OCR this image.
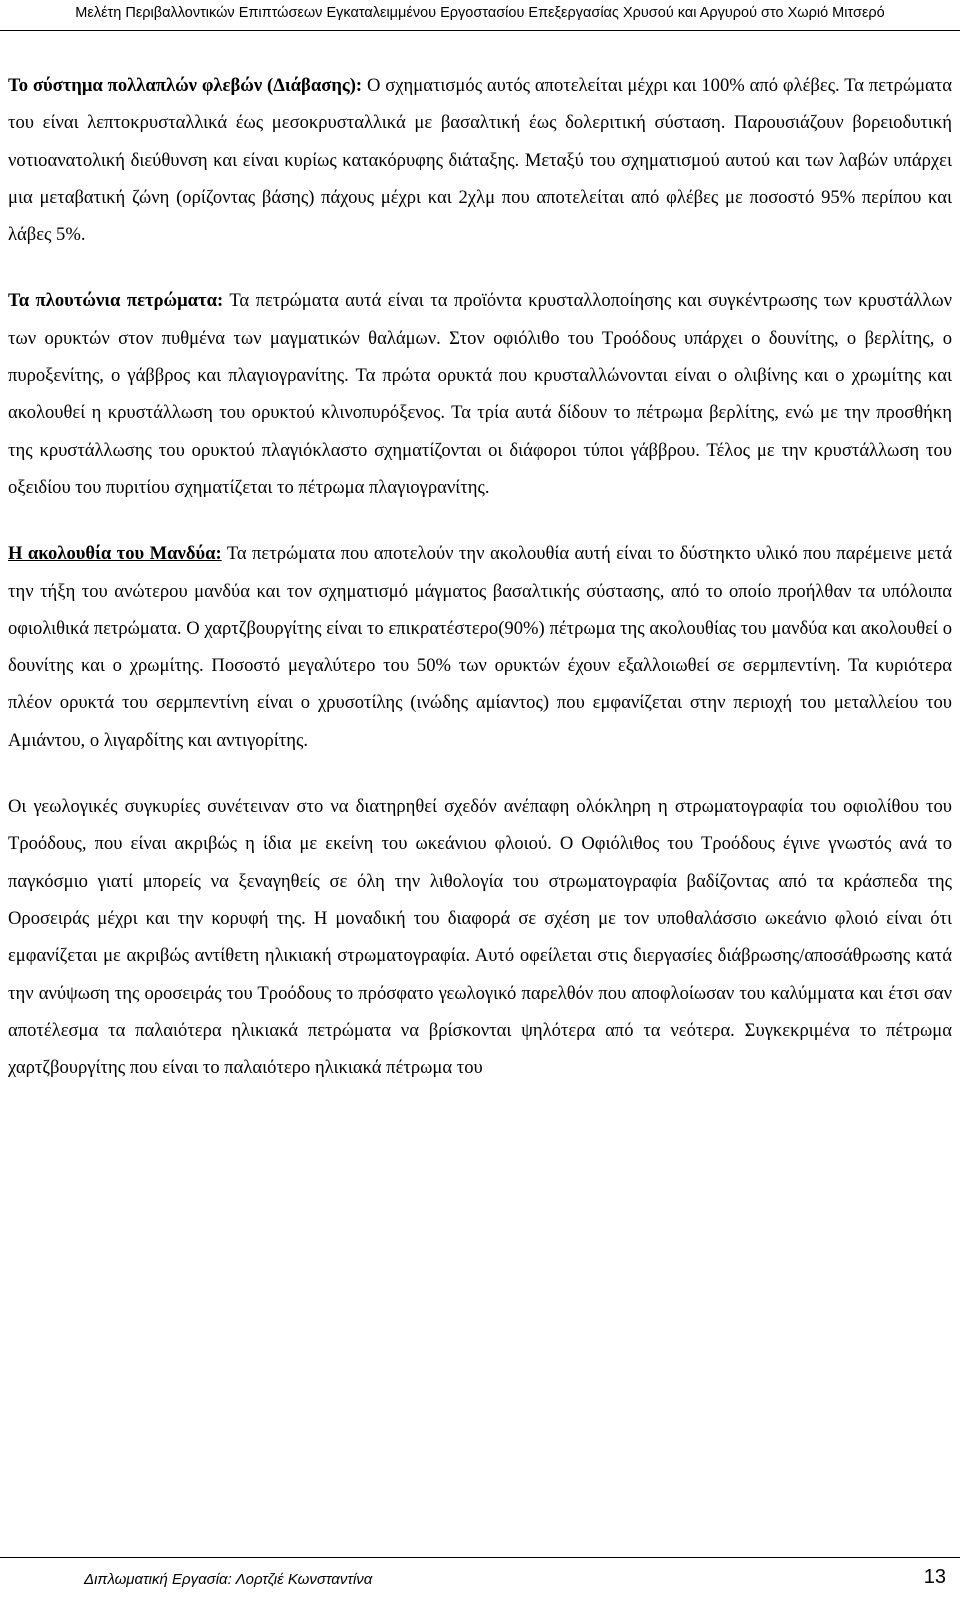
Μελέτη Περιβαλλοντικών Επιπτώσεων Εγκαταλειμμένου Εργοστασίου Επεξεργασίας Χρυσού και Αργυρού στο Χωριό Μιτσερό

Το σύστημα πολλαπλών φλεβών (Διάβασης): Ο σχηματισμός αυτός αποτελείται μέχρι και 100% από φλέβες. Τα πετρώματα του είναι λεπτοκρυσταλλικά έως μεσοκρυσταλλικά με βασαλτική έως δολεριτική σύσταση. Παρουσιάζουν βορειοδυτική νοτιοανατολική διεύθυνση και είναι κυρίως κατακόρυφης διάταξης. Μεταξύ του σχηματισμού αυτού και των λαβών υπάρχει μια μεταβατική ζώνη (ορίζοντας βάσης) πάχους μέχρι και 2χλμ που αποτελείται από φλέβες με ποσοστό 95% περίπου και λάβες 5%.

Τα πλουτώνια πετρώματα: Τα πετρώματα αυτά είναι τα προϊόντα κρυσταλλοποίησης και συγκέντρωσης των κρυστάλλων των ορυκτών στον πυθμένα των μαγματικών θαλάμων. Στον οφιόλιθο του Τροόδους υπάρχει ο δουνίτης, ο βερλίτης, ο πυροξενίτης, ο γάββρος και πλαγιογρανίτης. Τα πρώτα ορυκτά που κρυσταλλώνονται είναι ο ολιβίνης και ο χρωμίτης και ακολουθεί η κρυστάλλωση του ορυκτού κλινοπυρόξενος. Τα τρία αυτά δίδουν το πέτρωμα βερλίτης, ενώ με την προσθήκη της κρυστάλλωσης του ορυκτού πλαγιόκλαστο σχηματίζονται οι διάφοροι τύποι γάββρου. Τέλος με την κρυστάλλωση του οξειδίου του πυριτίου σχηματίζεται το πέτρωμα πλαγιογρανίτης.

Η ακολουθία του Μανδύα: Τα πετρώματα που αποτελούν την ακολουθία αυτή είναι το δύστηκτο υλικό που παρέμεινε μετά την τήξη του ανώτερου μανδύα και τον σχηματισμό μάγματος βασαλτικής σύστασης, από το οποίο προήλθαν τα υπόλοιπα οφιολιθικά πετρώματα. Ο χαρτζβουργίτης είναι το επικρατέστερο(90%) πέτρωμα της ακολουθίας του μανδύα και ακολουθεί ο δουνίτης και ο χρωμίτης. Ποσοστό μεγαλύτερο του 50% των ορυκτών έχουν εξαλλοιωθεί σε σερμπεντίνη. Τα κυριότερα πλέον ορυκτά του σερμπεντίνη είναι ο χρυσοτίλης (ινώδης αμίαντος) που εμφανίζεται στην περιοχή του μεταλλείου του Αμιάντου, ο λιγαρδίτης και αντιγορίτης.

Οι γεωλογικές συγκυρίες συνέτειναν στο να διατηρηθεί σχεδόν ανέπαφη ολόκληρη η στρωματογραφία του οφιολίθου του Τροόδους, που είναι ακριβώς η ίδια με εκείνη του ωκεάνιου φλοιού. Ο Οφιόλιθος του Τροόδους έγινε γνωστός ανά το παγκόσμιο γιατί μπορείς να ξεναγηθείς σε όλη την λιθολογία του στρωματογραφία βαδίζοντας από τα κράσπεδα της Οροσειράς μέχρι και την κορυφή της. Η μοναδική του διαφορά σε σχέση με τον υποθαλάσσιο ωκεάνιο φλοιό είναι ότι εμφανίζεται με ακριβώς αντίθετη ηλικιακή στρωματογραφία. Αυτό οφείλεται στις διεργασίες διάβρωσης/αποσάθρωσης κατά την ανύψωση της οροσειράς του Τροόδους το πρόσφατο γεωλογικό παρελθόν που αποφλοίωσαν του καλύμματα και έτσι σαν αποτέλεσμα τα παλαιότερα ηλικιακά πετρώματα να βρίσκονται ψηλότερα από τα νεότερα. Συγκεκριμένα το πέτρωμα χαρτζβουργίτης που είναι το παλαιότερο ηλικιακά πέτρωμα του

Διπλωματική Εργασία: Λορτζιέ Κωνσταντίνα	13
